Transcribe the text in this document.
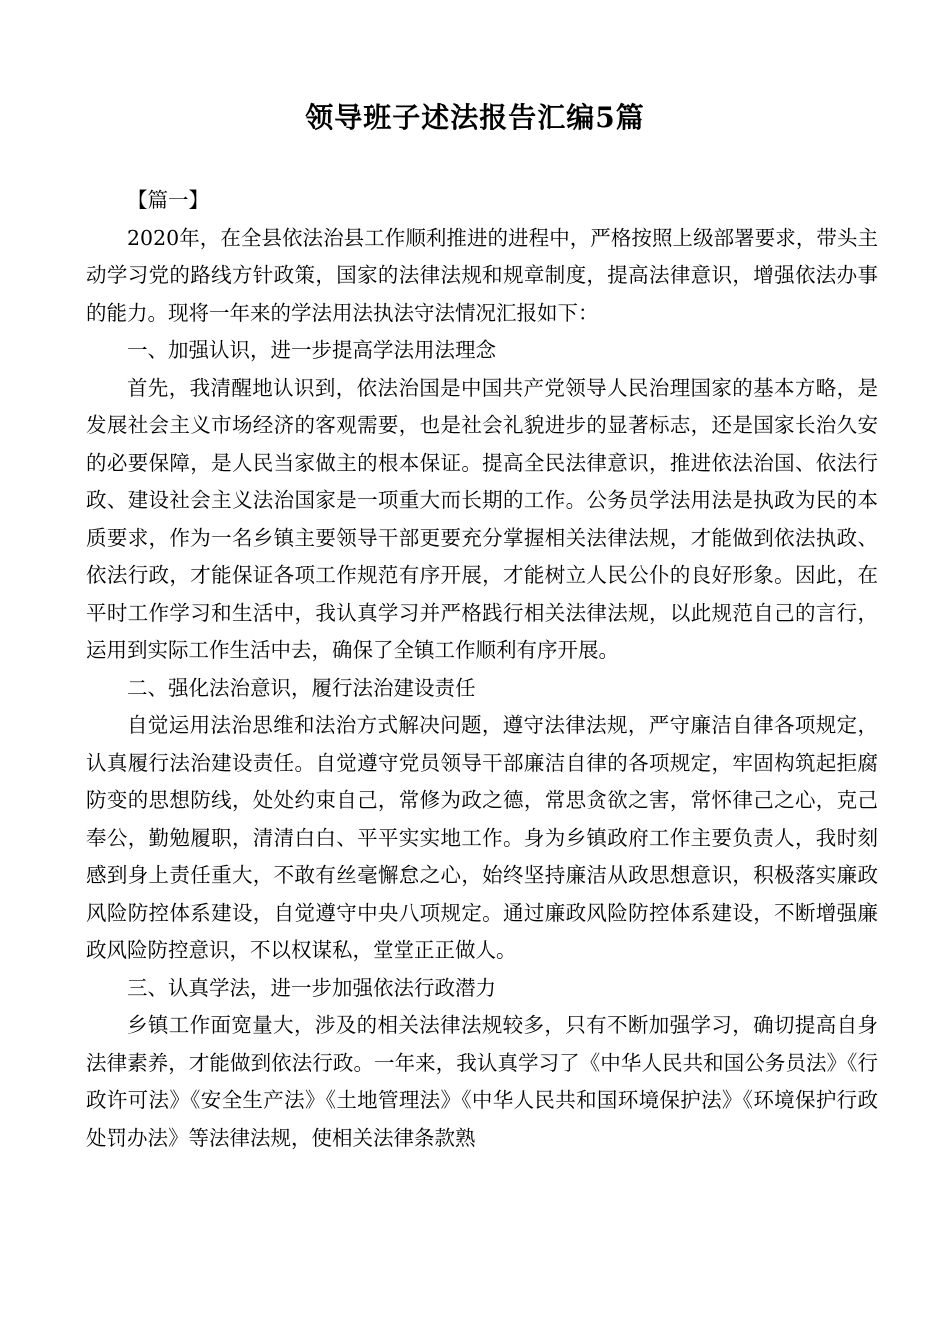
领导班子述法报告汇编5篇

【篇一】

2020年，在全县依法治县工作顺利推进的进程中，严格按照上级部署要求，带头主动学习党的路线方针政策，国家的法律法规和规章制度，提高法律意识，增强依法办事的能力。现将一年来的学法用法执法守法情况汇报如下：

一、加强认识，进一步提高学法用法理念

首先，我清醒地认识到，依法治国是中国共产党领导人民治理国家的基本方略，是发展社会主义市场经济的客观需要，也是社会礼貌进步的显著标志，还是国家长治久安的必要保障，是人民当家做主的根本保证。提高全民法律意识，推进依法治国、依法行政、建设社会主义法治国家是一项重大而长期的工作。公务员学法用法是执政为民的本质要求，作为一名乡镇主要领导干部更要充分掌握相关法律法规，才能做到依法执政、依法行政，才能保证各项工作规范有序开展，才能树立人民公仆的良好形象。因此，在平时工作学习和生活中，我认真学习并严格践行相关法律法规，以此规范自己的言行，运用到实际工作生活中去，确保了全镇工作顺利有序开展。

二、强化法治意识，履行法治建设责任

自觉运用法治思维和法治方式解决问题，遵守法律法规，严守廉洁自律各项规定，认真履行法治建设责任。自觉遵守党员领导干部廉洁自律的各项规定，牢固构筑起拒腐防变的思想防线，处处约束自己，常修为政之德，常思贪欲之害，常怀律己之心，克己奉公，勤勉履职，清清白白、平平实实地工作。身为乡镇政府工作主要负责人，我时刻感到身上责任重大，不敢有丝毫懈怠之心，始终坚持廉洁从政思想意识，积极落实廉政风险防控体系建设，自觉遵守中央八项规定。通过廉政风险防控体系建设，不断增强廉政风险防控意识，不以权谋私，堂堂正正做人。

三、认真学法，进一步加强依法行政潜力

乡镇工作面宽量大，涉及的相关法律法规较多，只有不断加强学习，确切提高自身法律素养，才能做到依法行政。一年来，我认真学习了《中华人民共和国公务员法》《行政许可法》《安全生产法》《土地管理法》《中华人民共和国环境保护法》《环境保护行政处罚办法》等法律法规，使相关法律条款熟
